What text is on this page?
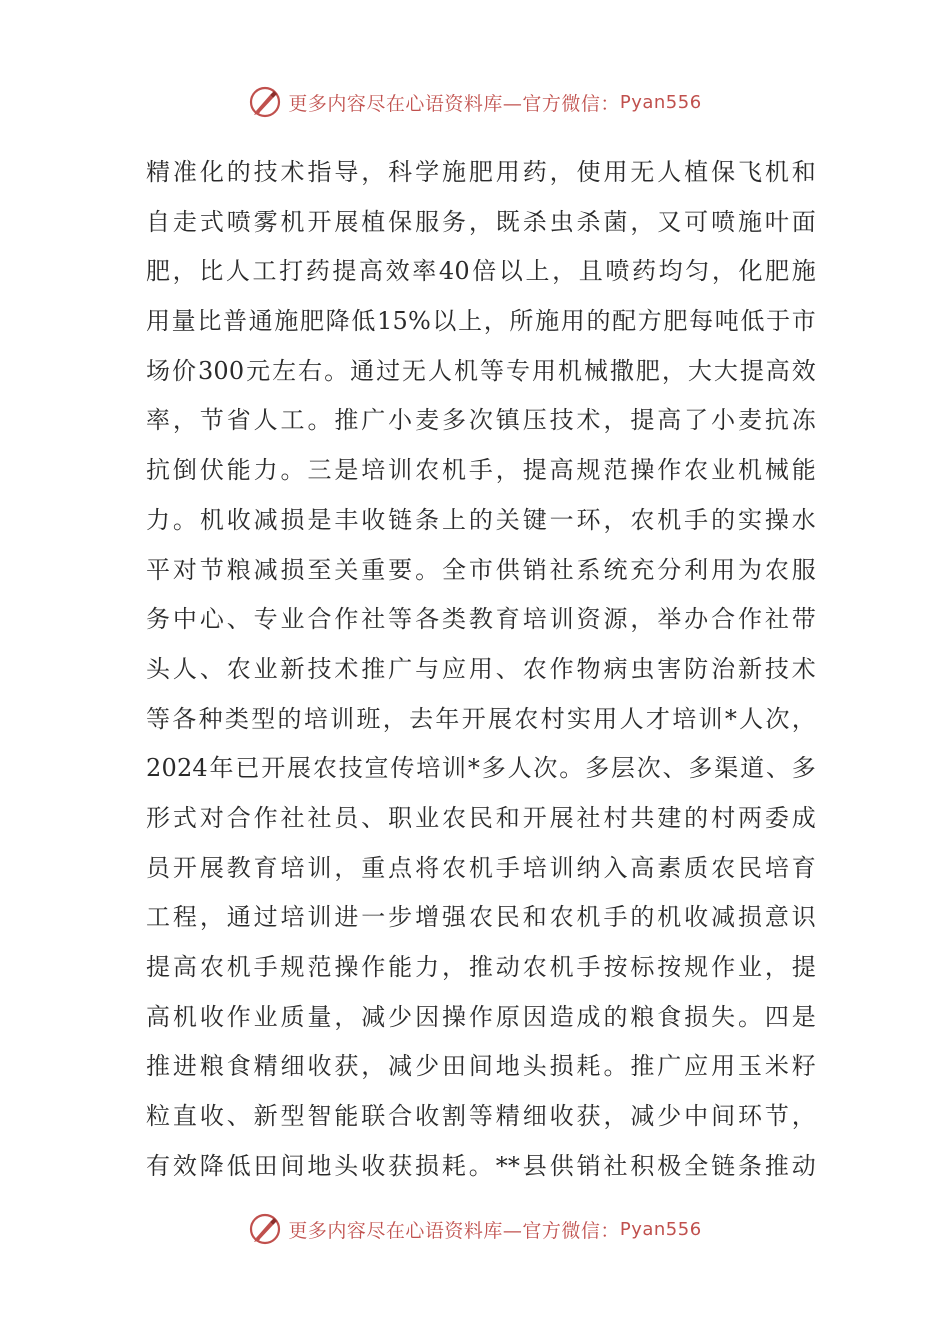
更多内容尽在心语资料库—官方微信： Pyan556
精准化的技术指导，科学施肥用药，使用无人植保飞机和
自走式喷雾机开展植保服务，既杀虫杀菌，又可喷施叶面
肥，比人工打药提高效率40倍以上，且喷药均匀，化肥施
用量比普通施肥降低15%以上，所施用的配方肥每吨低于市
场价300元左右。通过无人机等专用机械撒肥，大大提高效
率，节省人工。推广小麦多次镇压技术，提高了小麦抗冻
抗倒伏能力。三是培训农机手，提高规范操作农业机械能
力。机收减损是丰收链条上的关键一环，农机手的实操水
平对节粮减损至关重要。全市供销社系统充分利用为农服
务中心、专业合作社等各类教育培训资源，举办合作社带
头人、农业新技术推广与应用、农作物病虫害防治新技术
等各种类型的培训班，去年开展农村实用人才培训*人次，
2024年已开展农技宣传培训*多人次。多层次、多渠道、多
形式对合作社社员、职业农民和开展社村共建的村两委成
员开展教育培训，重点将农机手培训纳入高素质农民培育
工程，通过培训进一步增强农民和农机手的机收减损意识
提高农机手规范操作能力，推动农机手按标按规作业，提
高机收作业质量，减少因操作原因造成的粮食损失。四是
推进粮食精细收获，减少田间地头损耗。推广应用玉米籽
粒直收、新型智能联合收割等精细收获，减少中间环节，
有效降低田间地头收获损耗。**县供销社积极全链条推动
更多内容尽在心语资料库—官方微信： Pyan556
